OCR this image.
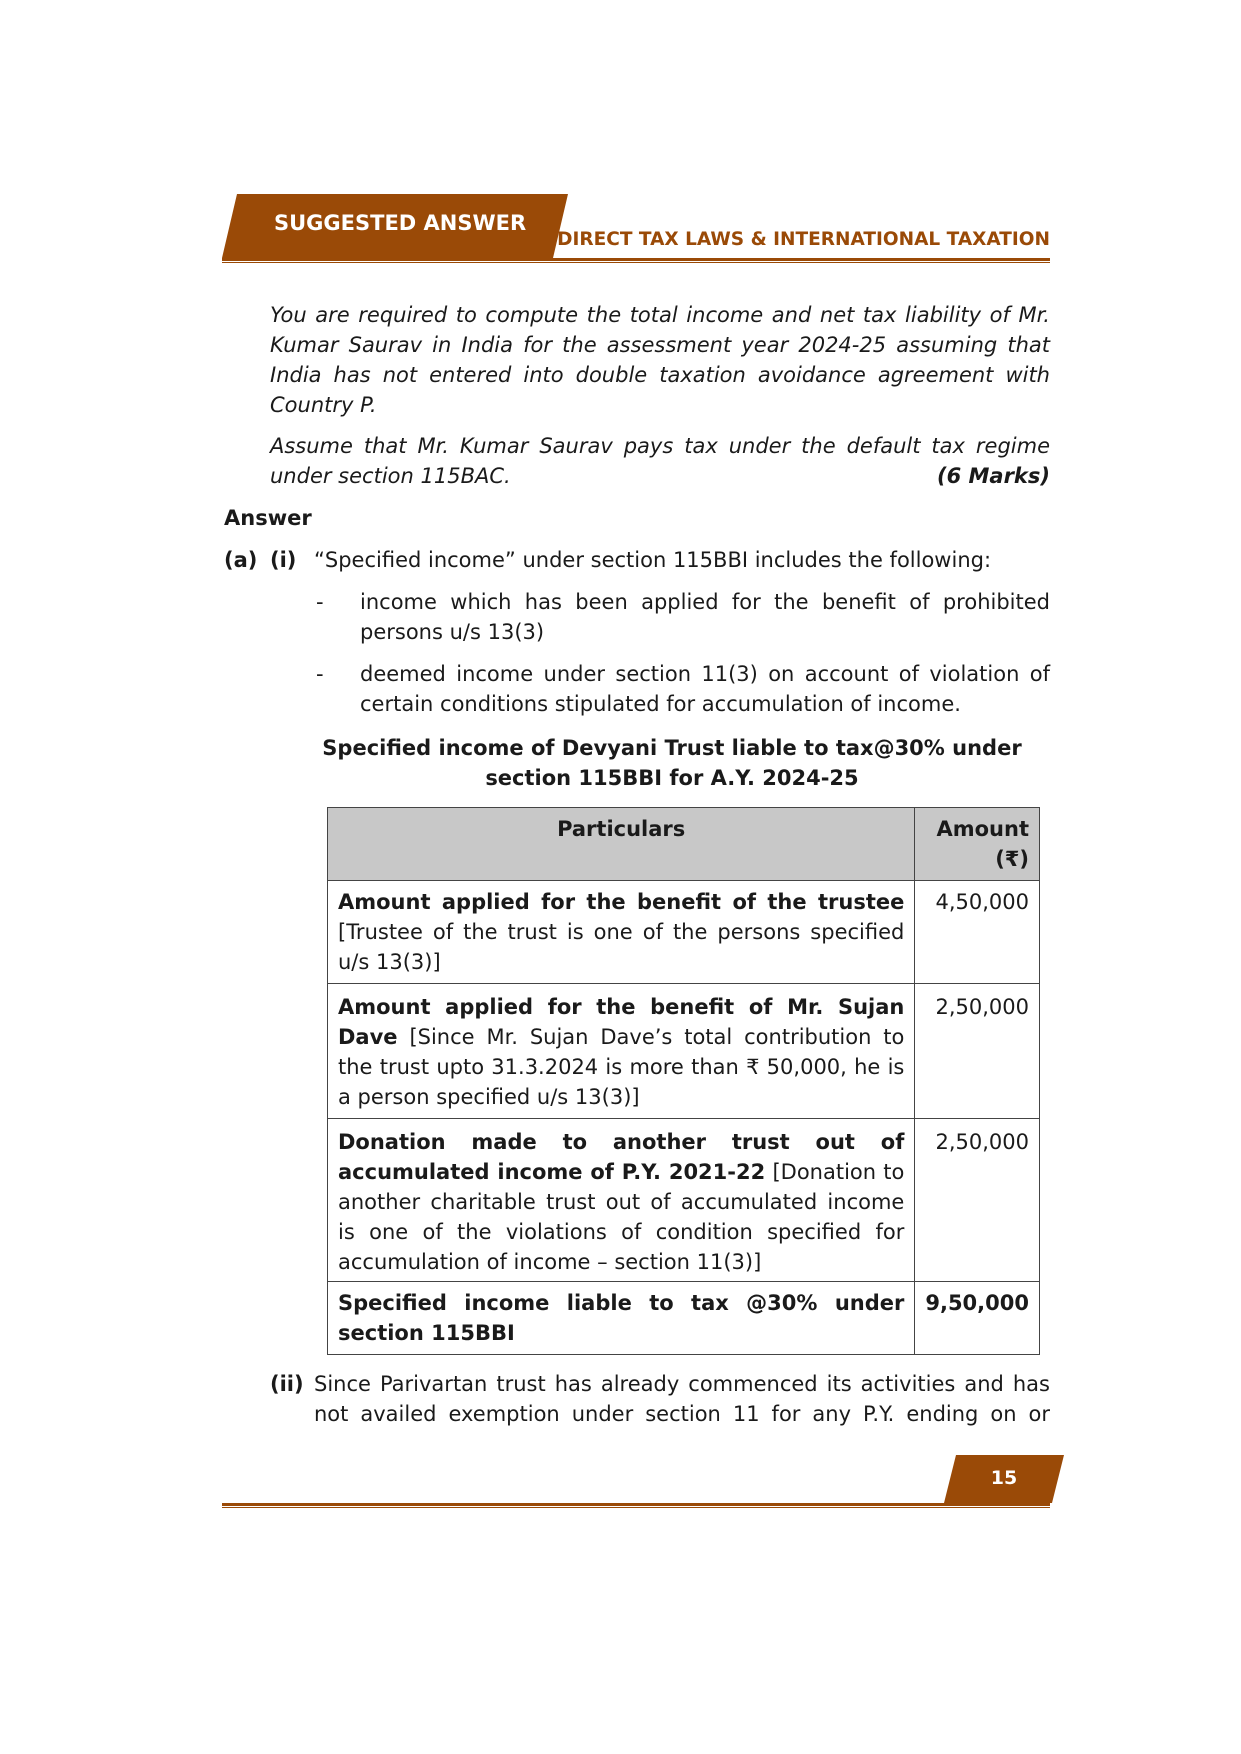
SUGGESTED ANSWER
DIRECT TAX LAWS & INTERNATIONAL TAXATION

You are required to compute the total income and net tax liability of Mr. Kumar Saurav in India for the assessment year 2024-25 assuming that India has not entered into double taxation avoidance agreement with Country P.

Assume that Mr. Kumar Saurav pays tax under the default tax regime under section 115BAC.	(6 Marks)

Answer
(a) (i) “Specified income” under section 115BBI includes the following:
-	income which has been applied for the benefit of prohibited persons u/s 13(3)
-	deemed income under section 11(3) on account of violation of certain conditions stipulated for accumulation of income.
Specified income of Devyani Trust liable to tax@30% under
section 115BBI for A.Y. 2024-25
Particulars	Amount (₹)
Amount applied for the benefit of the trustee [Trustee of the trust is one of the persons specified u/s 13(3)]	4,50,000
Amount applied for the benefit of Mr. Sujan Dave [Since Mr. Sujan Dave’s total contribution to the trust upto 31.3.2024 is more than ₹ 50,000, he is a person specified u/s 13(3)]	2,50,000
Donation made to another trust out of accumulated income of P.Y. 2021-22 [Donation to another charitable trust out of accumulated income is one of the violations of condition specified for accumulation of income – section 11(3)]	2,50,000
Specified income liable to tax @30% under section 115BBI	9,50,000
(ii) Since Parivartan trust has already commenced its activities and has not availed exemption under section 11 for any P.Y. ending on or
15
